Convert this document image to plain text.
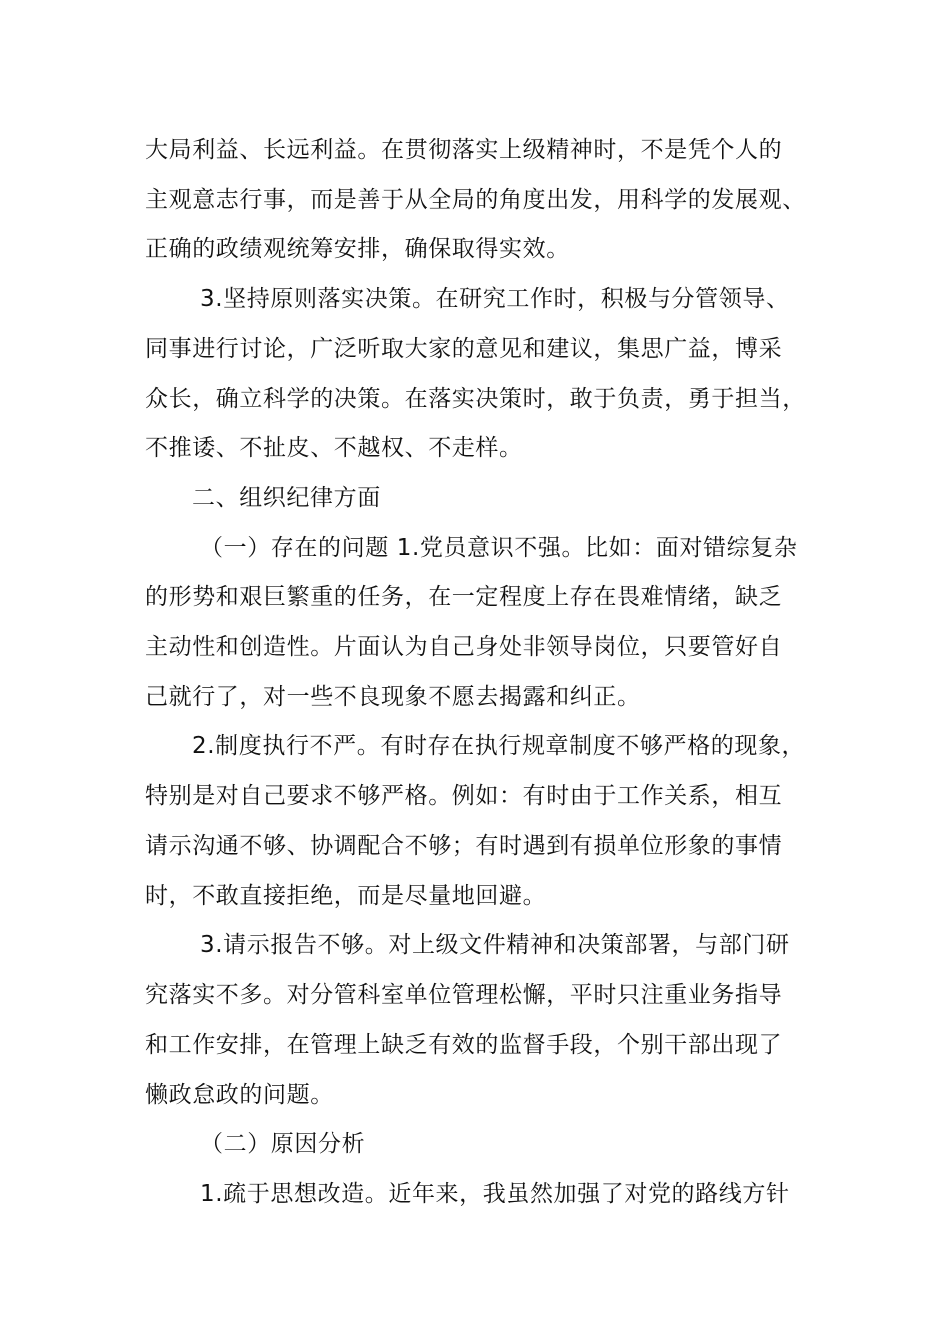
大局利益、长远利益。在贯彻落实上级精神时，不是凭个人的
主观意志行事，而是善于从全局的角度出发，用科学的发展观、
正确的政绩观统筹安排，确保取得实效。
3.坚持原则落实决策。在研究工作时，积极与分管领导、
同事进行讨论，广泛听取大家的意见和建议，集思广益，博采
众长，确立科学的决策。在落实决策时，敢于负责，勇于担当，
不推诿、不扯皮、不越权、不走样。
二、组织纪律方面
（一）存在的问题 1.党员意识不强。比如：面对错综复杂
的形势和艰巨繁重的任务，在一定程度上存在畏难情绪，缺乏
主动性和创造性。片面认为自己身处非领导岗位，只要管好自
己就行了，对一些不良现象不愿去揭露和纠正。
2.制度执行不严。有时存在执行规章制度不够严格的现象，
特别是对自己要求不够严格。例如：有时由于工作关系，相互
请示沟通不够、协调配合不够；有时遇到有损单位形象的事情
时，不敢直接拒绝，而是尽量地回避。
3.请示报告不够。对上级文件精神和决策部署，与部门研
究落实不多。对分管科室单位管理松懈，平时只注重业务指导
和工作安排，在管理上缺乏有效的监督手段，个别干部出现了
懒政怠政的问题。
（二）原因分析
1.疏于思想改造。近年来，我虽然加强了对党的路线方针
